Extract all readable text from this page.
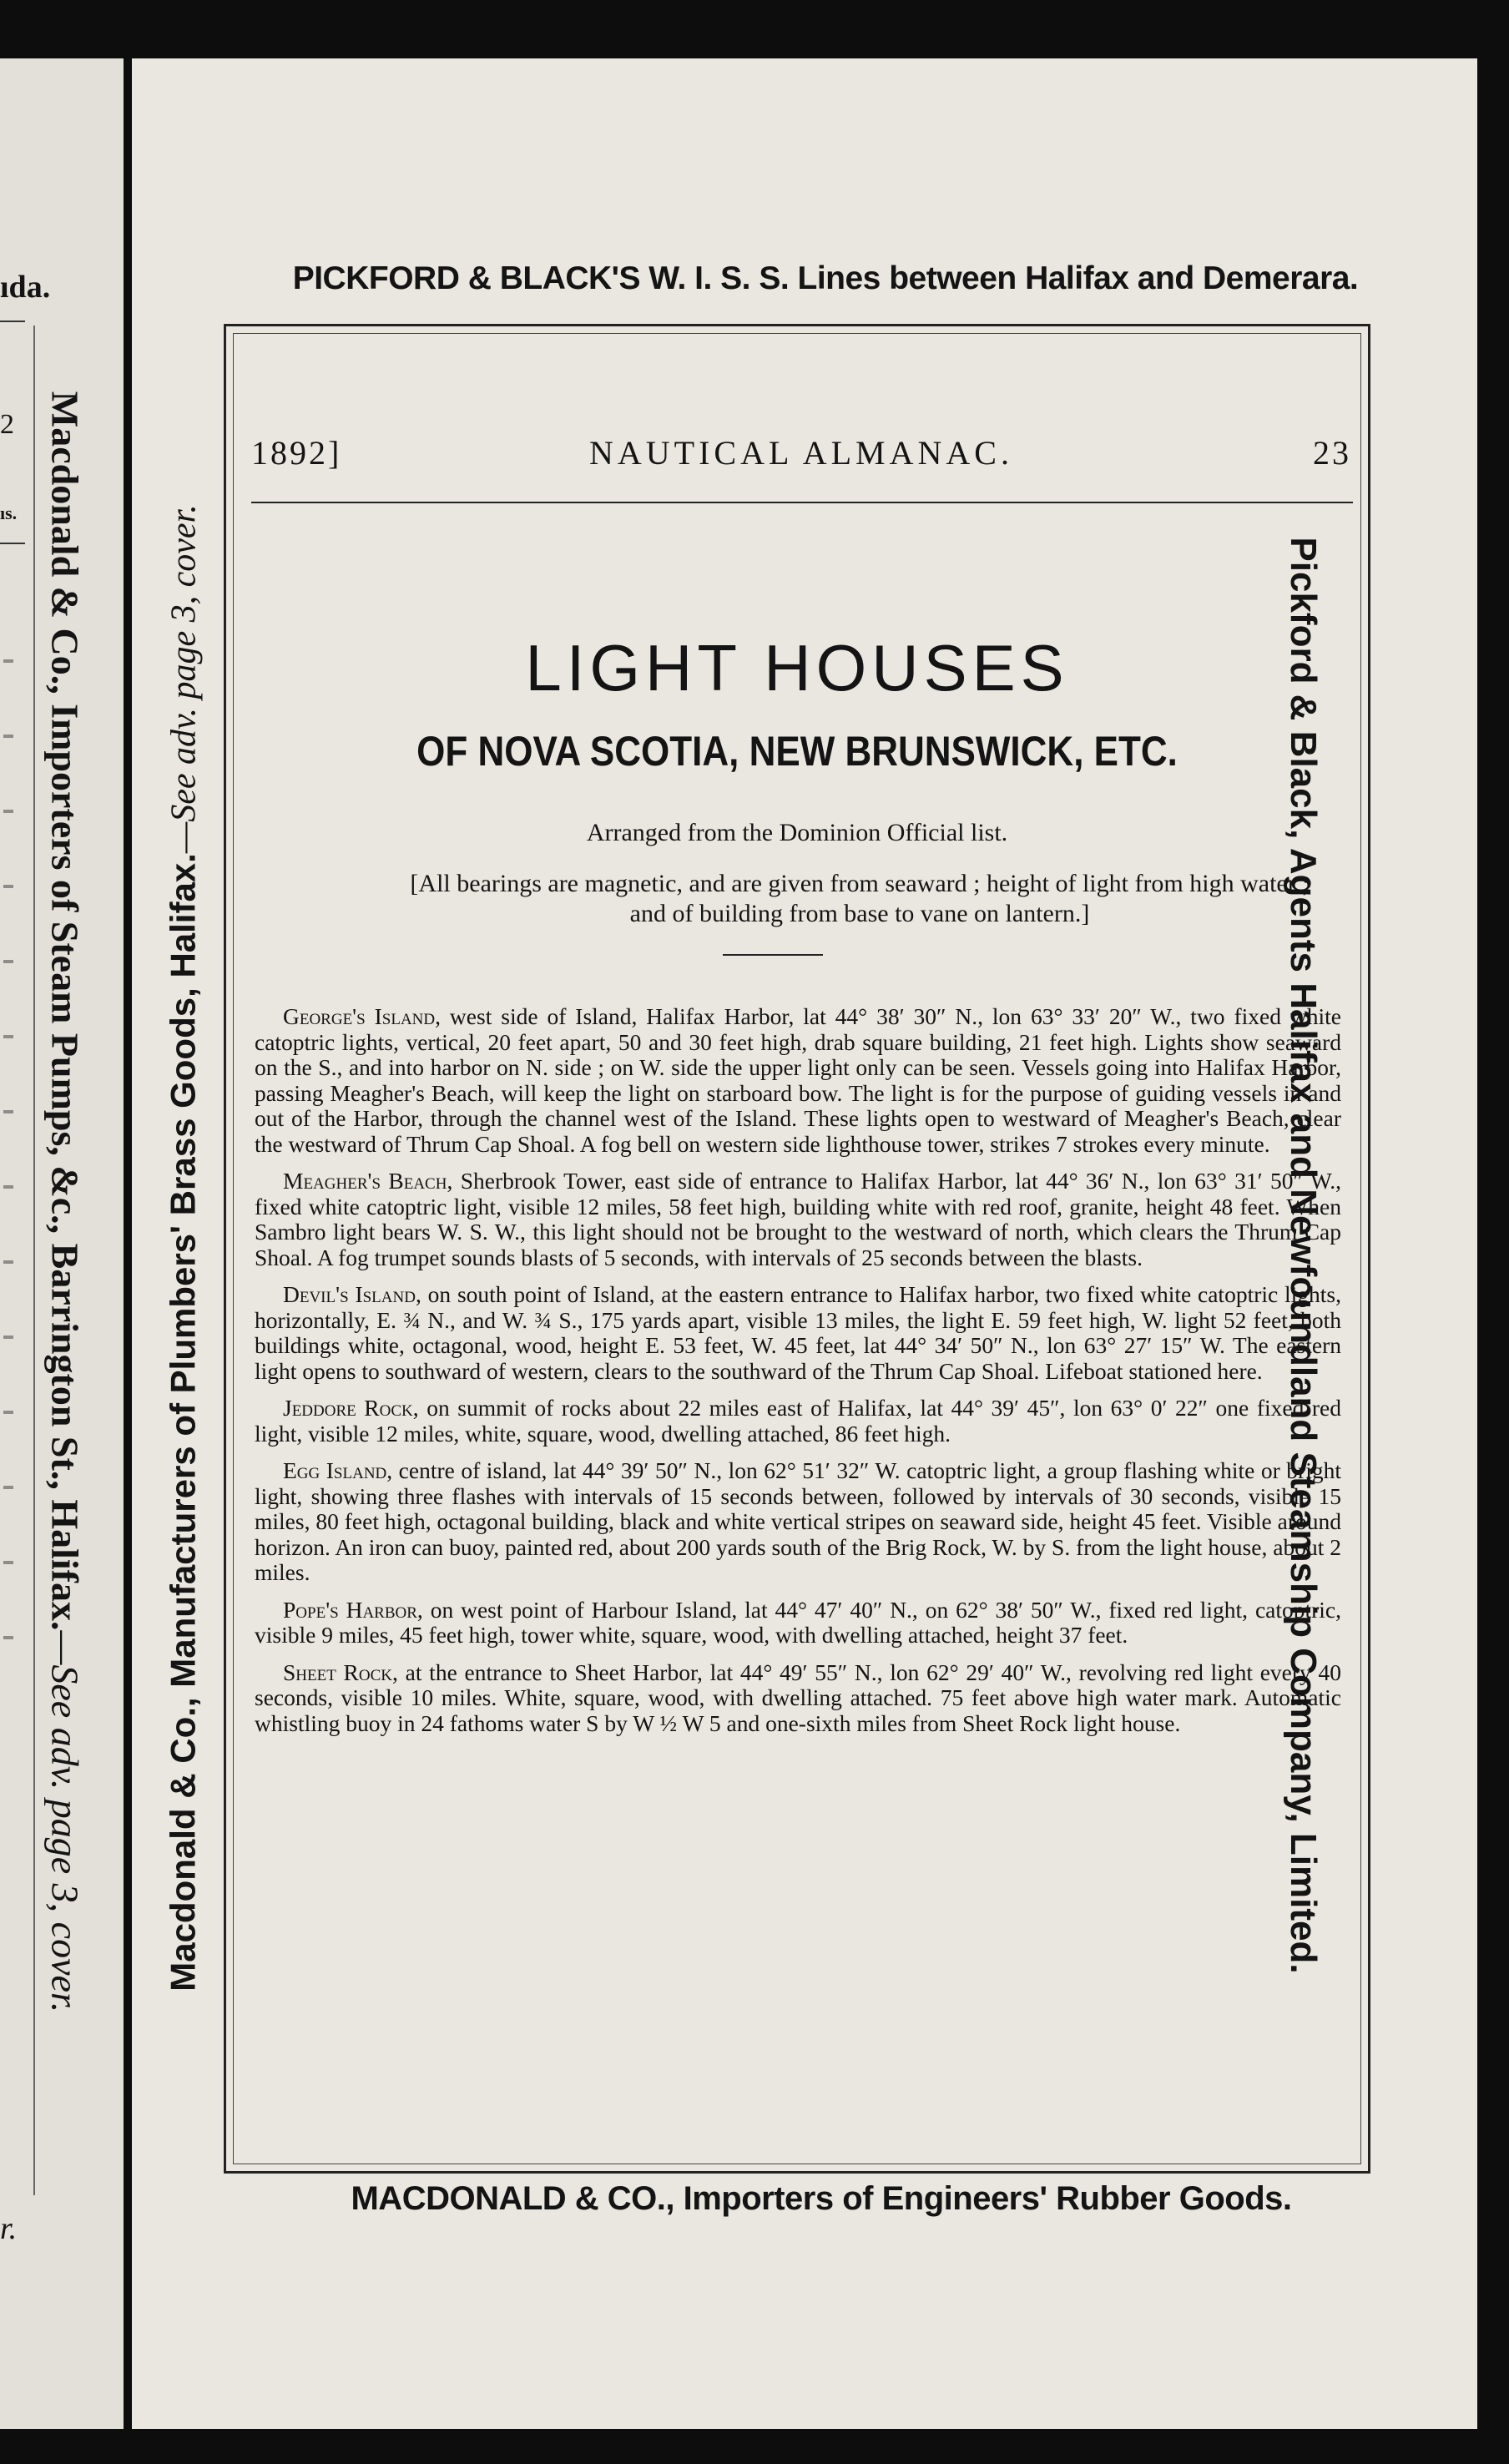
ıda.
2
ıs.
r.
Macdonald & Co., Importers of Steam Pumps, &c., Barrington St., Halifax.—See adv. page 3, cover.
PICKFORD & BLACK'S W. I. S. S. Lines between Halifax and Demerara.
Macdonald & Co., Manufacturers of Plumbers' Brass Goods, Halifax.—See adv. page 3, cover.	Pickford & Black, Agents Halifax and Newfoundland Steamship Company, Limited.
1892]	NAUTICAL ALMANAC.	23
LIGHT HOUSES
OF NOVA SCOTIA, NEW BRUNSWICK, ETC.
Arranged from the Dominion Official list.
[All bearings are magnetic, and are given from seaward ; height of light from high water ; and of building from base to vane on lantern.]

George's Island, west side of Island, Halifax Harbor, lat 44° 38′ 30″ N., lon 63° 33′ 20″ W., two fixed white catoptric lights, vertical, 20 feet apart, 50 and 30 feet high, drab square building, 21 feet high. Lights show seaward on the S., and into harbor on N. side ; on W. side the upper light only can be seen. Vessels going into Halifax Harbor, passing Meagher's Beach, will keep the light on starboard bow. The light is for the purpose of guiding vessels in and out of the Harbor, through the channel west of the Island. These lights open to westward of Meagher's Beach, clear the westward of Thrum Cap Shoal. A fog bell on western side lighthouse tower, strikes 7 strokes every minute.

Meagher's Beach, Sherbrook Tower, east side of entrance to Halifax Harbor, lat 44° 36′ N., lon 63° 31′ 50″ W., fixed white catoptric light, visible 12 miles, 58 feet high, building white with red roof, granite, height 48 feet. When Sambro light bears W. S. W., this light should not be brought to the westward of north, which clears the Thrum Cap Shoal. A fog trumpet sounds blasts of 5 seconds, with intervals of 25 seconds between the blasts.

Devil's Island, on south point of Island, at the eastern entrance to Halifax harbor, two fixed white catoptric lights, horizontally, E. ¾ N., and W. ¾ S., 175 yards apart, visible 13 miles, the light E. 59 feet high, W. light 52 feet, both buildings white, octagonal, wood, height E. 53 feet, W. 45 feet, lat 44° 34′ 50″ N., lon 63° 27′ 15″ W. The eastern light opens to southward of western, clears to the southward of the Thrum Cap Shoal. Lifeboat stationed here.

Jeddore Rock, on summit of rocks about 22 miles east of Halifax, lat 44° 39′ 45″, lon 63° 0′ 22″ one fixed red light, visible 12 miles, white, square, wood, dwelling attached, 86 feet high.

Egg Island, centre of island, lat 44° 39′ 50″ N., lon 62° 51′ 32″ W. catoptric light, a group flashing white or bright light, showing three flashes with intervals of 15 seconds between, followed by intervals of 30 seconds, visible 15 miles, 80 feet high, octagonal building, black and white vertical stripes on seaward side, height 45 feet. Visible around horizon. An iron can buoy, painted red, about 200 yards south of the Brig Rock, W. by S. from the light house, about 2 miles.

Pope's Harbor, on west point of Harbour Island, lat 44° 47′ 40″ N., on 62° 38′ 50″ W., fixed red light, catoptric, visible 9 miles, 45 feet high, tower white, square, wood, with dwelling attached, height 37 feet.

Sheet Rock, at the entrance to Sheet Harbor, lat 44° 49′ 55″ N., lon 62° 29′ 40″ W., revolving red light every 40 seconds, visible 10 miles. White, square, wood, with dwelling attached. 75 feet above high water mark. Automatic whistling buoy in 24 fathoms water S by W ½ W 5 and one-sixth miles from Sheet Rock light house.

MACDONALD & CO., Importers of Engineers' Rubber Goods.
